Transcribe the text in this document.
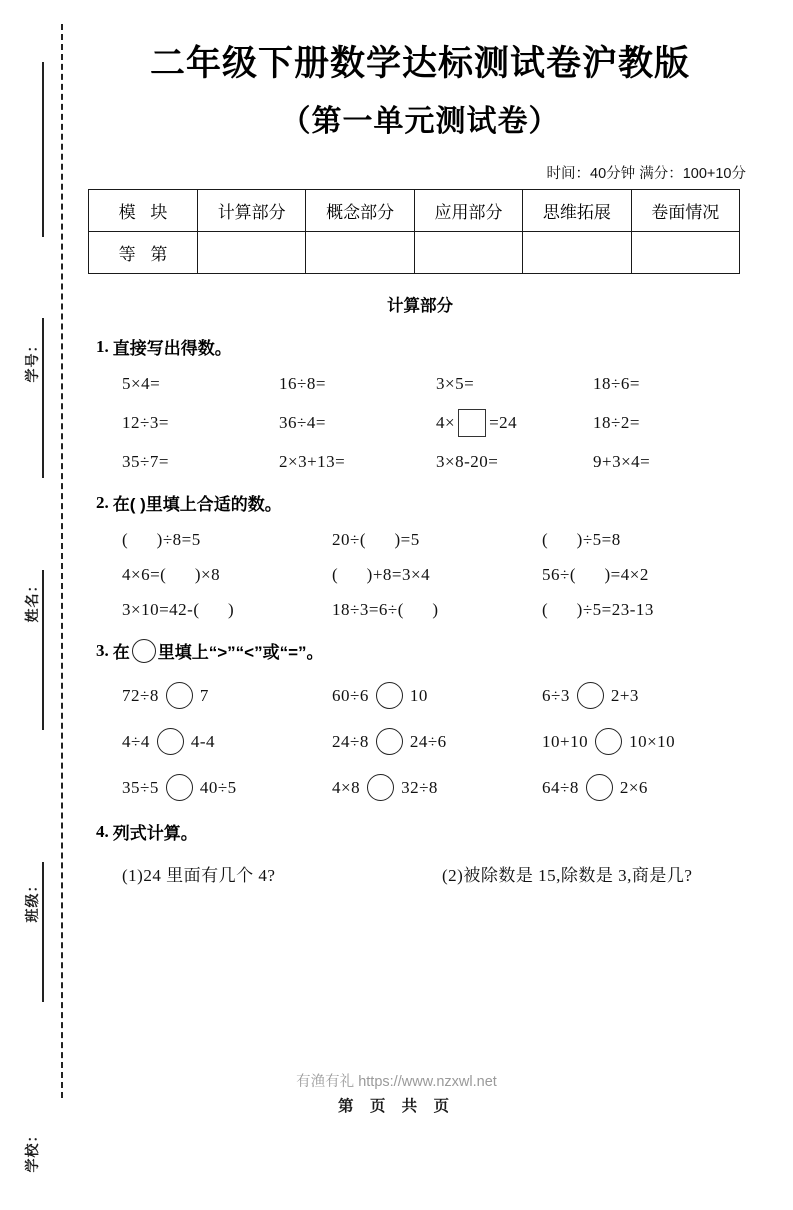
学号：
姓名：
班级：
学校：
二年级下册数学达标测试卷沪教版
（第一单元测试卷）
时间：40分钟 满分：100+10分
模 块	计算部分	概念部分	应用部分	思维拓展	卷面情况
等 第					
计算部分
1. 直接写出得数。
5×4=	16÷8=	3×5=	18÷6=
12÷3=	36÷4=	4× =24	18÷2=
35÷7=	2×3+13=	3×8-20=	9+3×4=
2. 在( )里填上合适的数。
(      )÷8=5	20÷(      )=5	(      )÷5=8
4×6=(      )×8	(      )+8=3×4	56÷(      )=4×2
3×10=42-(      )	18÷3=6÷(      )	(      )÷5=23-13
3. 在 里填上“>”“<”或“=”。
72÷8 7	60÷6 10	6÷3 2+3
4÷4 4-4	24÷8 24÷6	10+10 10×10
35÷5 40÷5	4×8 32÷8	64÷8 2×6
4. 列式计算。
(1)24 里面有几个 4?	(2)被除数是 15,除数是 3,商是几?
有渔有礼 https://www.nzxwl.net
第 页 共 页
